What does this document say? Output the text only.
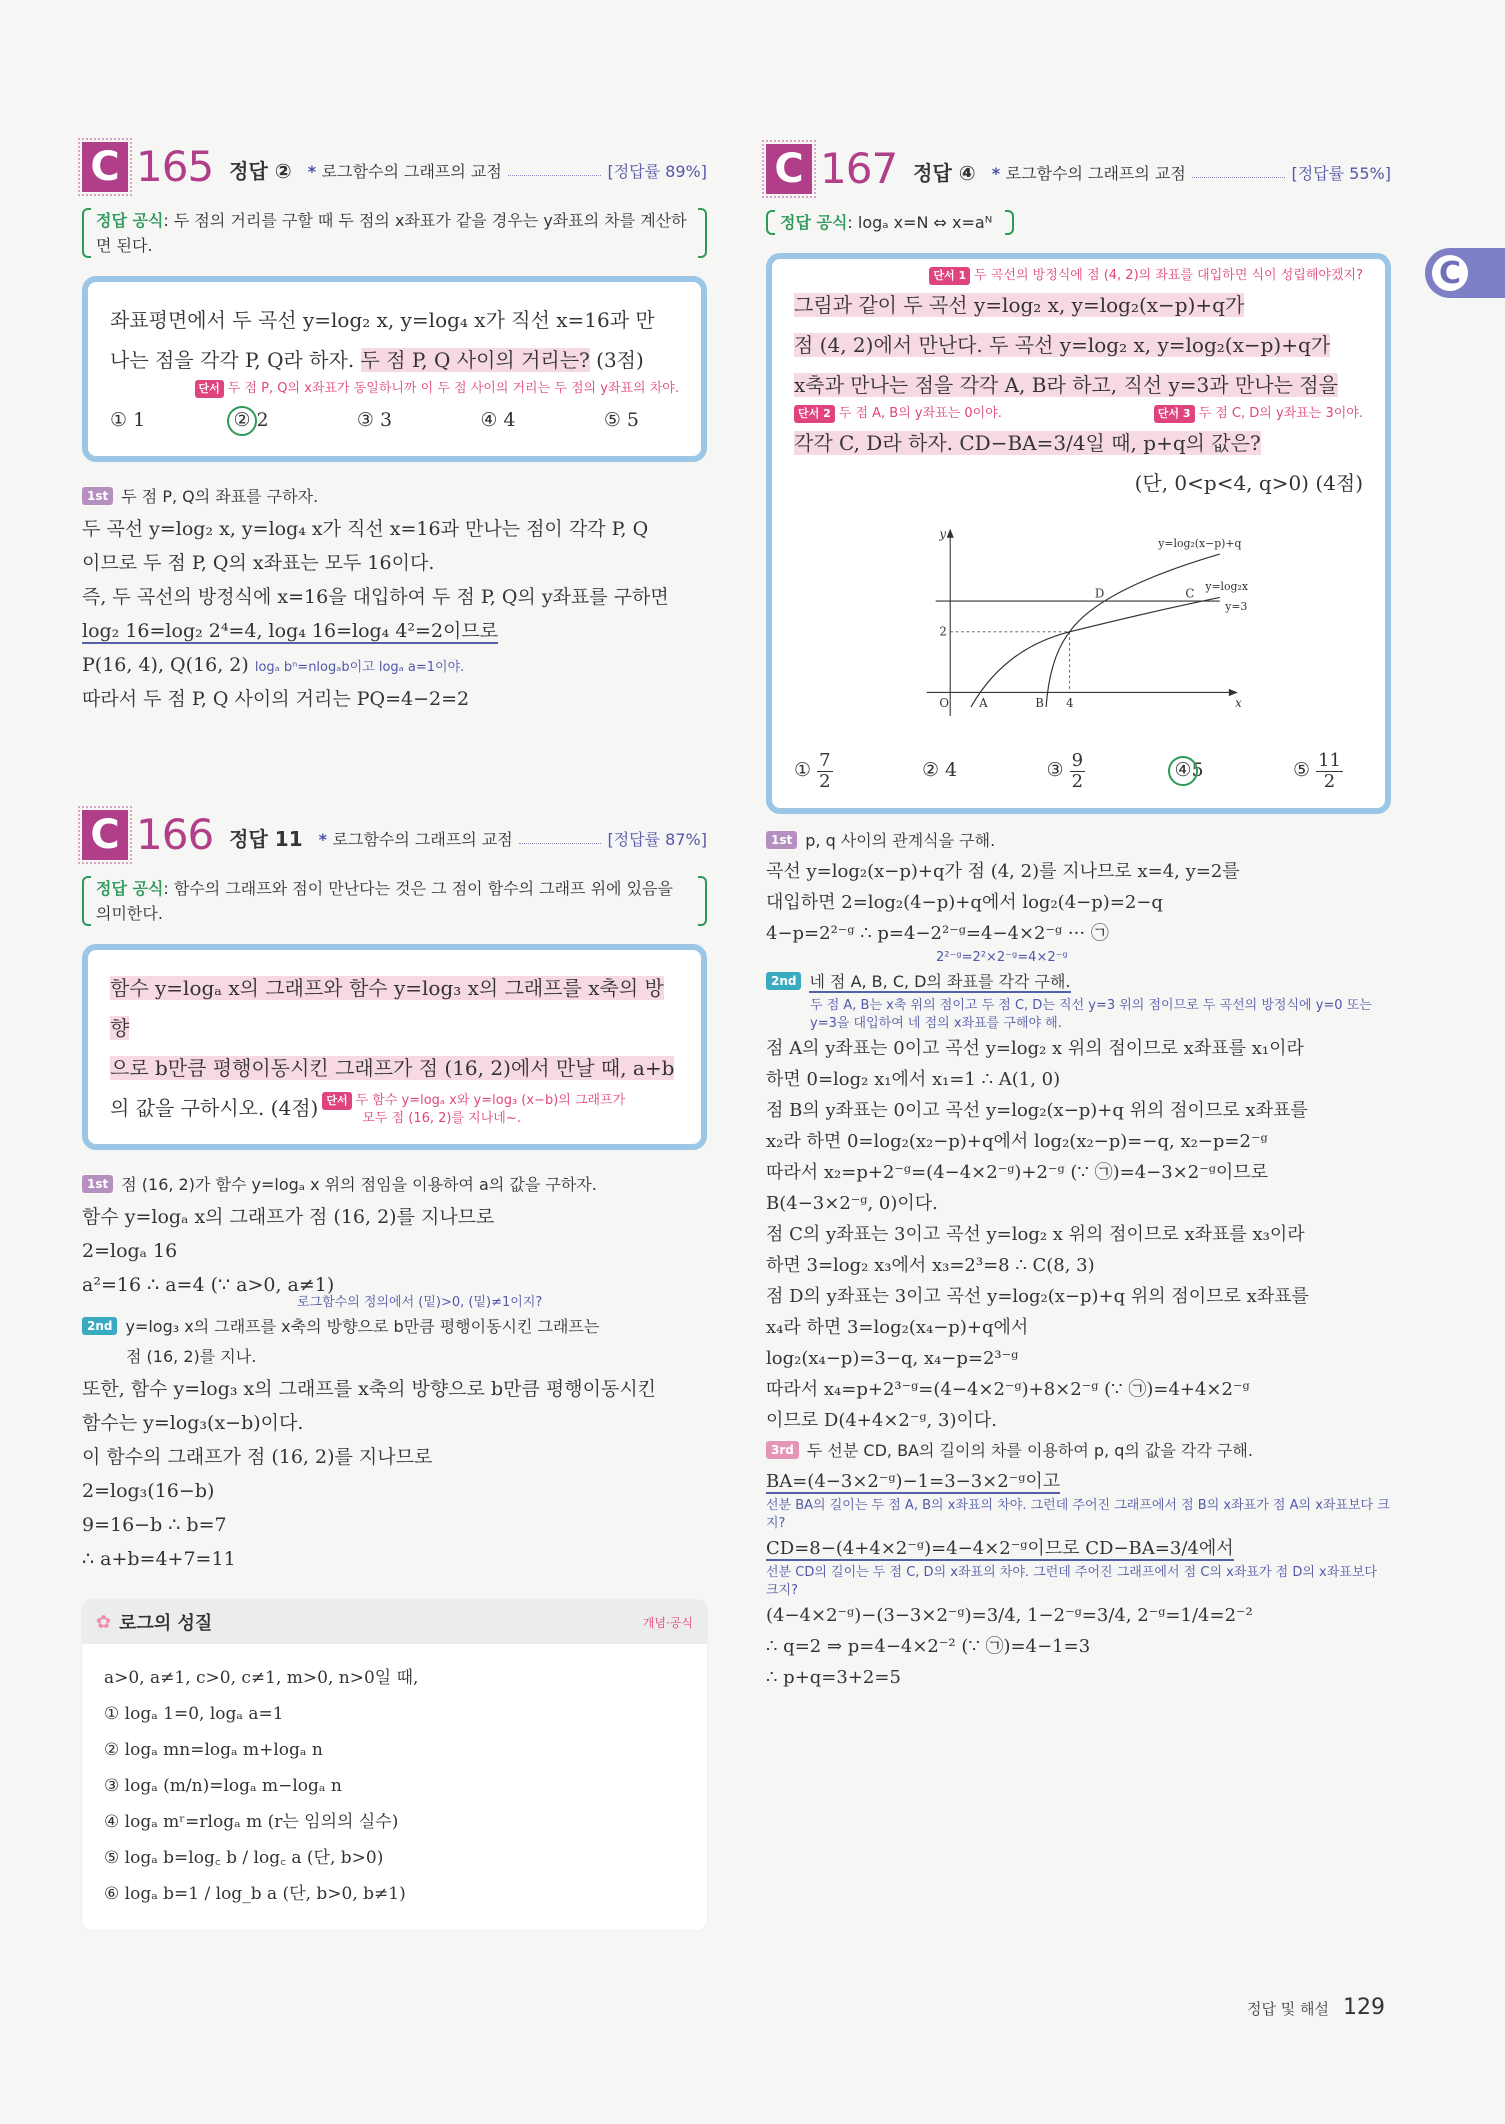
C
C 165 정답 ② * 로그함수의 그래프의 교점	[정답률 89%]
정답 공식: 두 점의 거리를 구할 때 두 점의 x좌표가 같을 경우는 y좌표의 차를 계산하면 된다.

좌표평면에서 두 곡선 y=log₂ x, y=log₄ x가 직선 x=16과 만

나는 점을 각각 P, Q라 하자. 두 점 P, Q 사이의 거리는? (3점)

단서 두 점 P, Q의 x좌표가 동일하니까 이 두 점 사이의 거리는 두 점의 y좌표의 차야.

① 1	② 2	③ 3	④ 4	⑤ 5

1st 두 점 P, Q의 좌표를 구하자.

두 곡선 y=log₂ x, y=log₄ x가 직선 x=16과 만나는 점이 각각 P, Q

이므로 두 점 P, Q의 x좌표는 모두 16이다.

즉, 두 곡선의 방정식에 x=16을 대입하여 두 점 P, Q의 y좌표를 구하면

log₂ 16=log₂ 2⁴=4, log₄ 16=log₄ 4²=2이므로

P(16, 4), Q(16, 2) logₐ bⁿ=nlogₐb이고 logₐ a=1이야.

따라서 두 점 P, Q 사이의 거리는 PQ=4−2=2

C 166 정답 11 * 로그함수의 그래프의 교점	[정답률 87%]
정답 공식: 함수의 그래프와 점이 만난다는 것은 그 점이 함수의 그래프 위에 있음을 의미한다.

함수 y=logₐ x의 그래프와 함수 y=log₃ x의 그래프를 x축의 방향

으로 b만큼 평행이동시킨 그래프가 점 (16, 2)에서 만날 때, a+b

의 값을 구하시오. (4점) 단서 두 함수 y=logₐ x와 y=log₃ (x−b)의 그래프가
모두 점 (16, 2)를 지나네~.

1st 점 (16, 2)가 함수 y=logₐ x 위의 점임을 이용하여 a의 값을 구하자.

함수 y=logₐ x의 그래프가 점 (16, 2)를 지나므로

2=logₐ 16

a²=16 ∴ a=4 (∵ a>0, a≠1)

로그함수의 정의에서 (밑)>0, (밑)≠1이지?

2nd y=log₃ x의 그래프를 x축의 방향으로 b만큼 평행이동시킨 그래프는

점 (16, 2)를 지나.

또한, 함수 y=log₃ x의 그래프를 x축의 방향으로 b만큼 평행이동시킨

함수는 y=log₃(x−b)이다.

이 함수의 그래프가 점 (16, 2)를 지나므로

2=log₃(16−b)

9=16−b ∴ b=7

∴ a+b=4+7=11

✿ 로그의 성질	개념·공식

a>0, a≠1, c>0, c≠1, m>0, n>0일 때,

① logₐ 1=0, logₐ a=1

② logₐ mn=logₐ m+logₐ n

③ logₐ (m/n)=logₐ m−logₐ n

④ logₐ mʳ=rlogₐ m (r는 임의의 실수)

⑤ logₐ b=log꜀ b / log꜀ a (단, b>0)

⑥ logₐ b=1 / log_b a (단, b>0, b≠1)

C 167 정답 ④ * 로그함수의 그래프의 교점	[정답률 55%]
정답 공식: logₐ x=N ⇔ x=aᴺ

단서 1 두 곡선의 방정식에 점 (4, 2)의 좌표를 대입하면 식이 성립해야겠지?

그림과 같이 두 곡선 y=log₂ x, y=log₂(x−p)+q가

점 (4, 2)에서 만난다. 두 곡선 y=log₂ x, y=log₂(x−p)+q가

x축과 만나는 점을 각각 A, B라 하고, 직선 y=3과 만나는 점을

단서 2 두 점 A, B의 y좌표는 0이야.	단서 3 두 점 C, D의 y좌표는 3이야.

각각 C, D라 하자. CD−BA=3/4일 때, p+q의 값은?

(단, 0<p<4, q>0) (4점)

y
x
O A	B 4
2
D	C
y=log₂(x−p)+q
y=log₂x
y=3
① $\frac{7}{2}$	② 4	③ $\frac{9}{2}$	④5	⑤ $\frac{11}{2}$

1st p, q 사이의 관계식을 구해.

곡선 y=log₂(x−p)+q가 점 (4, 2)를 지나므로 x=4, y=2를

대입하면 2=log₂(4−p)+q에서 log₂(4−p)=2−q

4−p=2²⁻ᵍ ∴ p=4−2²⁻ᵍ=4−4×2⁻ᵍ ··· ㉠

2²⁻ᵍ=2²×2⁻ᵍ=4×2⁻ᵍ

2nd 네 점 A, B, C, D의 좌표를 각각 구해.

두 점 A, B는 x축 위의 점이고 두 점 C, D는 직선 y=3 위의 점이므로 두 곡선의 방정식에 y=0 또는 y=3을 대입하여 네 점의 x좌표를 구해야 해.

점 A의 y좌표는 0이고 곡선 y=log₂ x 위의 점이므로 x좌표를 x₁이라

하면 0=log₂ x₁에서 x₁=1 ∴ A(1, 0)

점 B의 y좌표는 0이고 곡선 y=log₂(x−p)+q 위의 점이므로 x좌표를

x₂라 하면 0=log₂(x₂−p)+q에서 log₂(x₂−p)=−q, x₂−p=2⁻ᵍ

따라서 x₂=p+2⁻ᵍ=(4−4×2⁻ᵍ)+2⁻ᵍ (∵ ㉠)=4−3×2⁻ᵍ이므로

B(4−3×2⁻ᵍ, 0)이다.

점 C의 y좌표는 3이고 곡선 y=log₂ x 위의 점이므로 x좌표를 x₃이라

하면 3=log₂ x₃에서 x₃=2³=8 ∴ C(8, 3)

점 D의 y좌표는 3이고 곡선 y=log₂(x−p)+q 위의 점이므로 x좌표를

x₄라 하면 3=log₂(x₄−p)+q에서

log₂(x₄−p)=3−q, x₄−p=2³⁻ᵍ

따라서 x₄=p+2³⁻ᵍ=(4−4×2⁻ᵍ)+8×2⁻ᵍ (∵ ㉠)=4+4×2⁻ᵍ

이므로 D(4+4×2⁻ᵍ, 3)이다.

3rd 두 선분 CD, BA의 길이의 차를 이용하여 p, q의 값을 각각 구해.

BA=(4−3×2⁻ᵍ)−1=3−3×2⁻ᵍ이고

선분 BA의 길이는 두 점 A, B의 x좌표의 차야. 그런데 주어진 그래프에서 점 B의 x좌표가 점 A의 x좌표보다 크지?

CD=8−(4+4×2⁻ᵍ)=4−4×2⁻ᵍ이므로 CD−BA=3/4에서

선분 CD의 길이는 두 점 C, D의 x좌표의 차야. 그런데 주어진 그래프에서 점 C의 x좌표가 점 D의 x좌표보다 크지?

(4−4×2⁻ᵍ)−(3−3×2⁻ᵍ)=3/4, 1−2⁻ᵍ=3/4, 2⁻ᵍ=1/4=2⁻²

∴ q=2 ⇒ p=4−4×2⁻² (∵ ㉠)=4−1=3

∴ p+q=3+2=5

정답 및 해설 129
